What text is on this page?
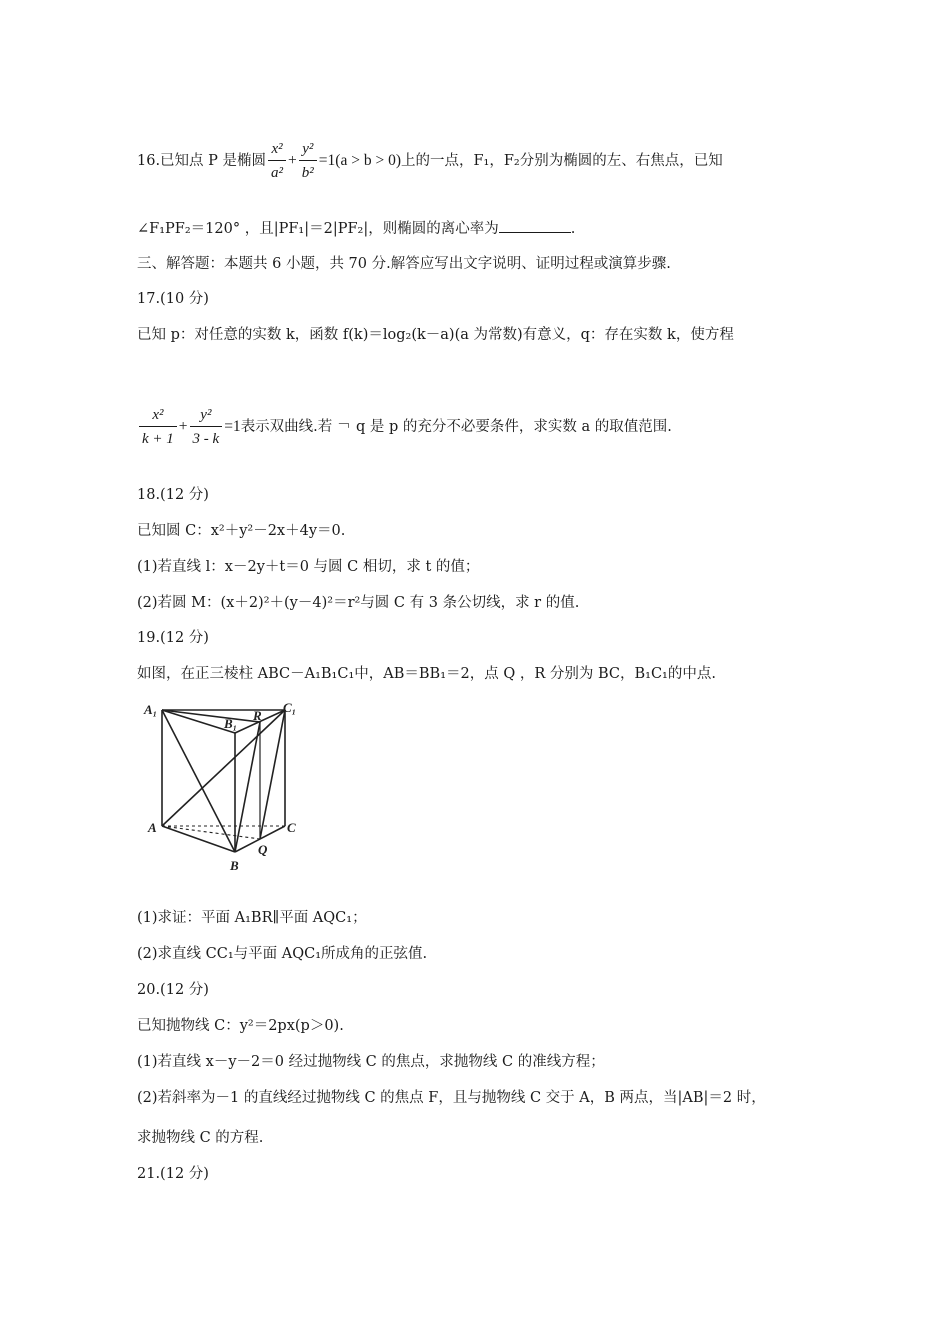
16.已知点 P 是椭圆 $\frac{\text{x²}}{\text{a²}} + \frac{\text{y²}}{\text{b²}} =1(a > b > 0)$上的一点，F₁，F₂分别为椭圆的左、右焦点，已知
∠F₁PF₂＝120° ，且|PF₁|＝2|PF₂|，则椭圆的离心率为	.
三、解答题：本题共 6 小题，共 70 分.解答应写出文字说明、证明过程或演算步骤.
17.(10 分)
已知 p：对任意的实数 k，函数 f(k)＝log₂(k－a)(a 为常数)有意义，q：存在实数 k，使方程
$\frac{\text{x²}}{k + 1} + \frac{\text{y²}}{3 - k} =1$表示双曲线.若 ￢ q 是 p 的充分不必要条件，求实数 a 的取值范围.
18.(12 分)
已知圆 C：x²＋y²－2x＋4y＝0.
(1)若直线 l：x－2y＋t＝0 与圆 C 相切，求 t 的值；
(2)若圆 M：(x＋2)²＋(y－4)²＝r²与圆 C 有 3 条公切线，求 r 的值.
19.(12 分)
如图，在正三棱柱 ABC－A₁B₁C₁中，AB＝BB₁＝2，点 Q ，R 分别为 BC，B₁C₁的中点.
A₁
B₁
R
C₁
A	C
Q
B
(1)求证：平面 A₁BR∥平面 AQC₁；
(2)求直线 CC₁与平面 AQC₁所成角的正弦值.
20.(12 分)
已知抛物线 C：y²＝2px(p＞0).
(1)若直线 x－y－2＝0 经过抛物线 C 的焦点，求抛物线 C 的准线方程；
(2)若斜率为－1 的直线经过抛物线 C 的焦点 F，且与抛物线 C 交于 A，B 两点，当|AB|＝2 时，
求抛物线 C 的方程.
21.(12 分)
